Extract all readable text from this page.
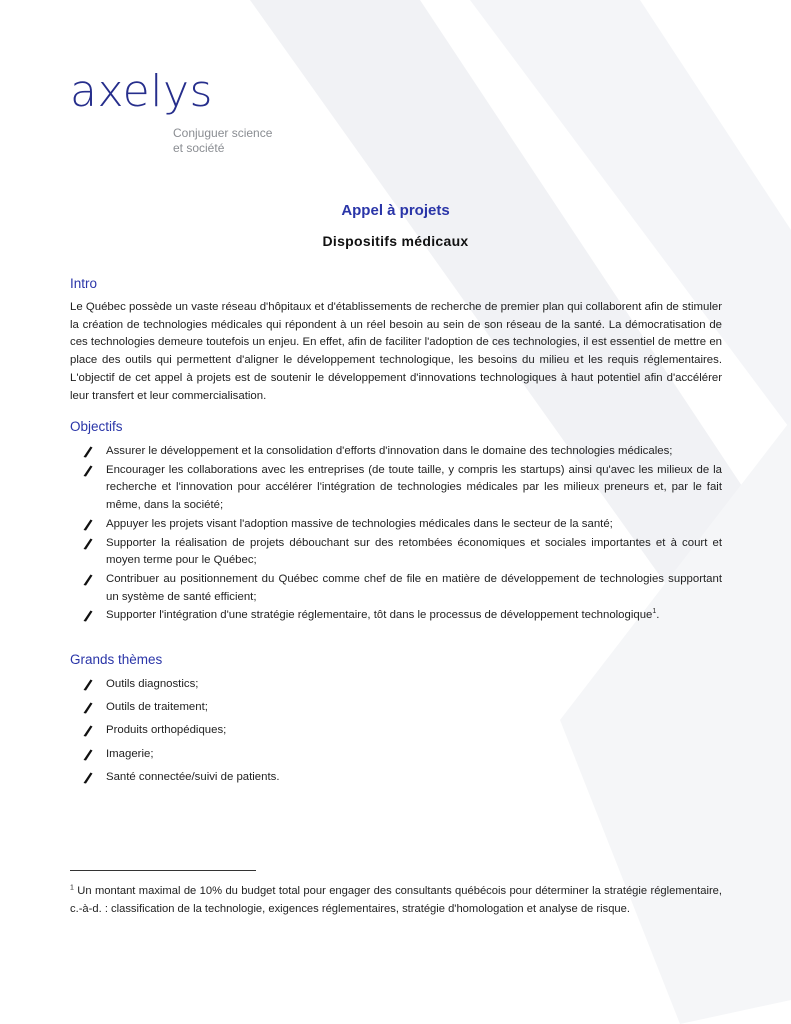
axelys

Conjuguer science
et société
Appel à projets
Dispositifs médicaux
Intro

Le Québec possède un vaste réseau d'hôpitaux et d'établissements de recherche de premier plan qui collaborent afin de stimuler la création de technologies médicales qui répondent à un réel besoin au sein de son réseau de la santé. La démocratisation de ces technologies demeure toutefois un enjeu. En effet, afin de faciliter l'adoption de ces technologies, il est essentiel de mettre en place des outils qui permettent d'aligner le développement technologique, les besoins du milieu et les requis réglementaires. L'objectif de cet appel à projets est de soutenir le développement d'innovations technologiques à haut potentiel afin d'accélérer leur transfert et leur commercialisation.

Objectifs
Assurer le développement et la consolidation d'efforts d'innovation dans le domaine des technologies médicales;
Encourager les collaborations avec les entreprises (de toute taille, y compris les startups) ainsi qu'avec les milieux de la recherche et l'innovation pour accélérer l'intégration de technologies médicales par les milieux preneurs et, par le fait même, dans la société;
Appuyer les projets visant l'adoption massive de technologies médicales dans le secteur de la santé;
Supporter la réalisation de projets débouchant sur des retombées économiques et sociales importantes et à court et moyen terme pour le Québec;
Contribuer au positionnement du Québec comme chef de file en matière de développement de technologies supportant un système de santé efficient;
Supporter l'intégration d'une stratégie réglementaire, tôt dans le processus de développement technologique$^1$.
Grands thèmes
Outils diagnostics;
Outils de traitement;
Produits orthopédiques;
Imagerie;
Santé connectée/suivi de patients.

$^1$ Un montant maximal de 10% du budget total pour engager des consultants québécois pour déterminer la stratégie réglementaire, c.-à-d. : classification de la technologie, exigences réglementaires, stratégie d'homologation et analyse de risque.
